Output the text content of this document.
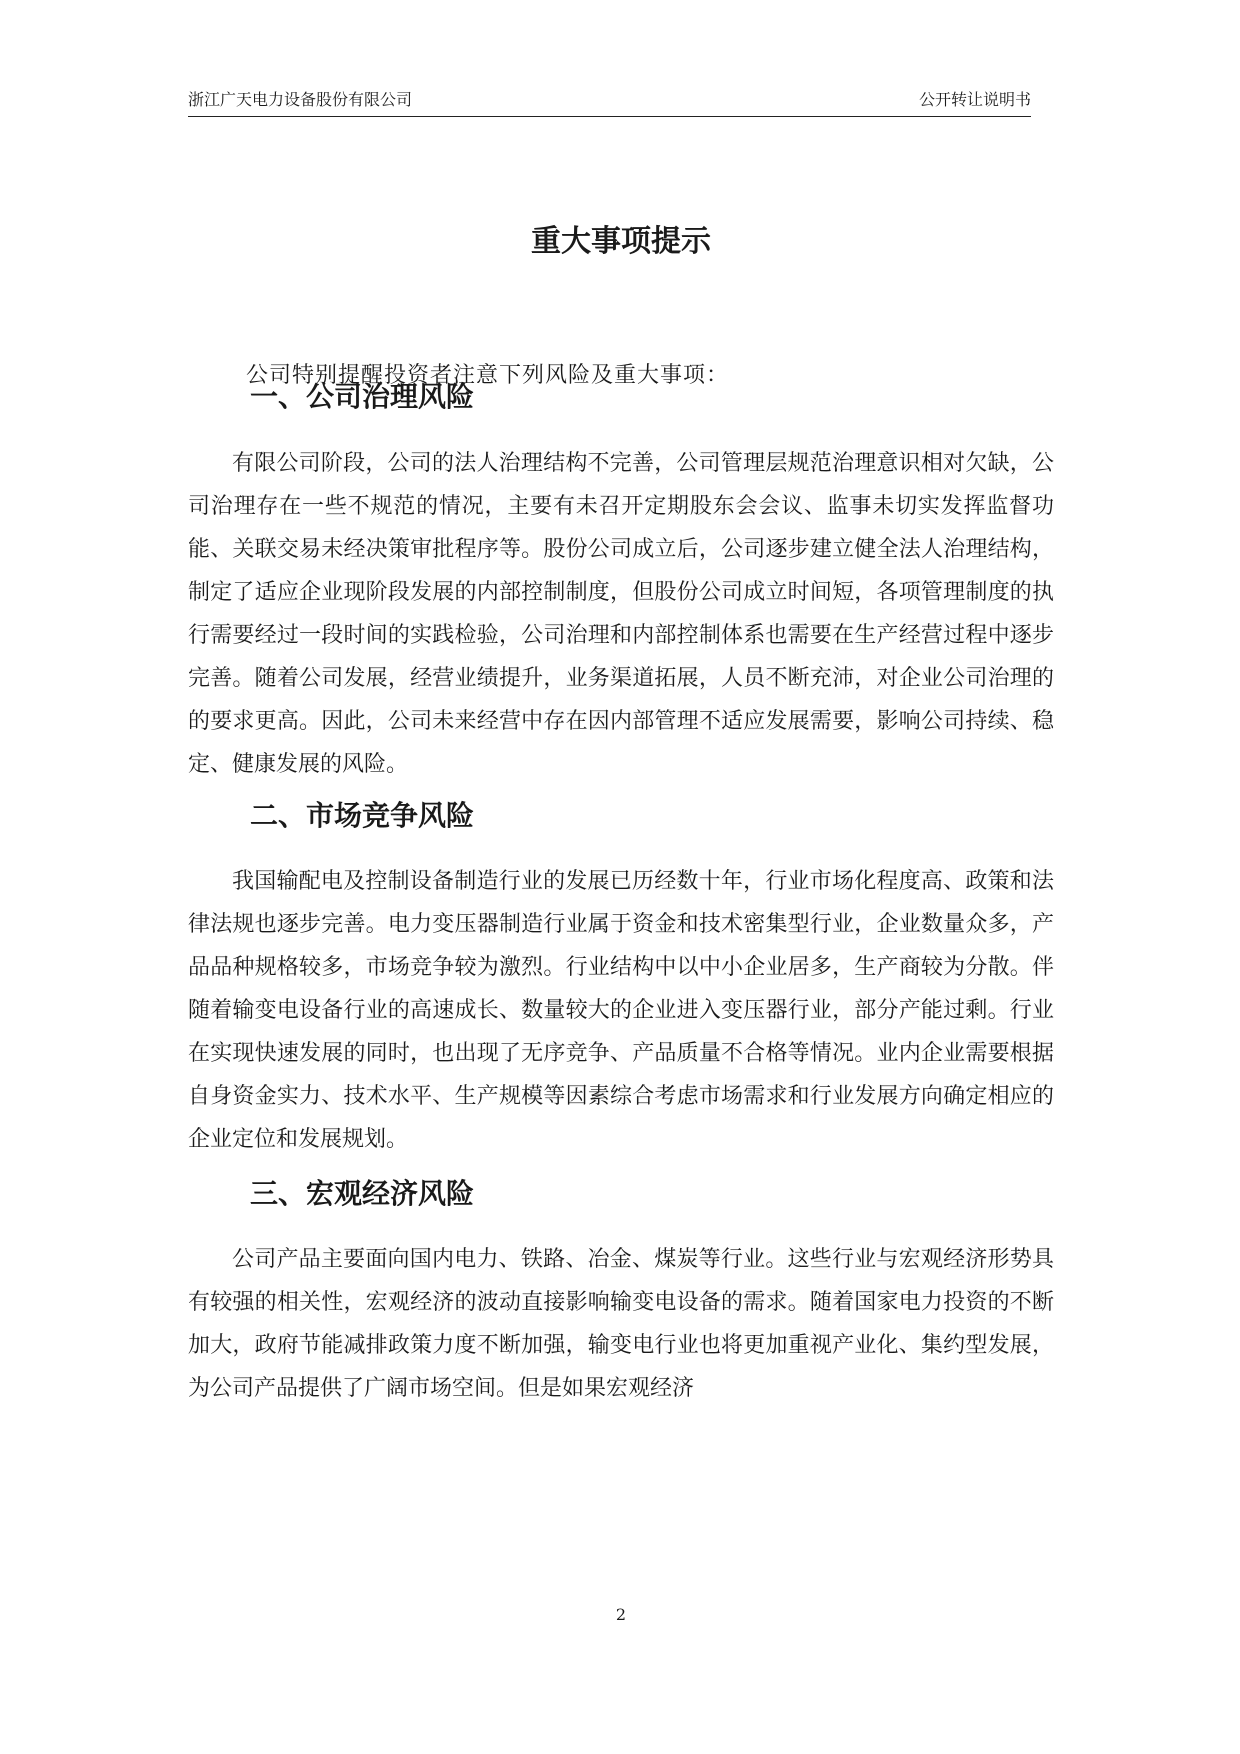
浙江广天电力设备股份有限公司	公开转让说明书
重大事项提示
公司特别提醒投资者注意下列风险及重大事项：
一、公司治理风险
有限公司阶段，公司的法人治理结构不完善，公司管理层规范治理意识相对欠缺，公司治理存在一些不规范的情况，主要有未召开定期股东会会议、监事未切实发挥监督功能、关联交易未经决策审批程序等。股份公司成立后，公司逐步建立健全法人治理结构，制定了适应企业现阶段发展的内部控制制度，但股份公司成立时间短，各项管理制度的执行需要经过一段时间的实践检验，公司治理和内部控制体系也需要在生产经营过程中逐步完善。随着公司发展，经营业绩提升，业务渠道拓展，人员不断充沛，对企业公司治理的的要求更高。因此，公司未来经营中存在因内部管理不适应发展需要，影响公司持续、稳定、健康发展的风险。
二、市场竞争风险
我国输配电及控制设备制造行业的发展已历经数十年，行业市场化程度高、政策和法律法规也逐步完善。电力变压器制造行业属于资金和技术密集型行业，企业数量众多，产品品种规格较多，市场竞争较为激烈。行业结构中以中小企业居多，生产商较为分散。伴随着输变电设备行业的高速成长、数量较大的企业进入变压器行业，部分产能过剩。行业在实现快速发展的同时，也出现了无序竞争、产品质量不合格等情况。业内企业需要根据自身资金实力、技术水平、生产规模等因素综合考虑市场需求和行业发展方向确定相应的企业定位和发展规划。
三、宏观经济风险
公司产品主要面向国内电力、铁路、冶金、煤炭等行业。这些行业与宏观经济形势具有较强的相关性，宏观经济的波动直接影响输变电设备的需求。随着国家电力投资的不断加大，政府节能减排政策力度不断加强，输变电行业也将更加重视产业化、集约型发展，为公司产品提供了广阔市场空间。但是如果宏观经济
2
